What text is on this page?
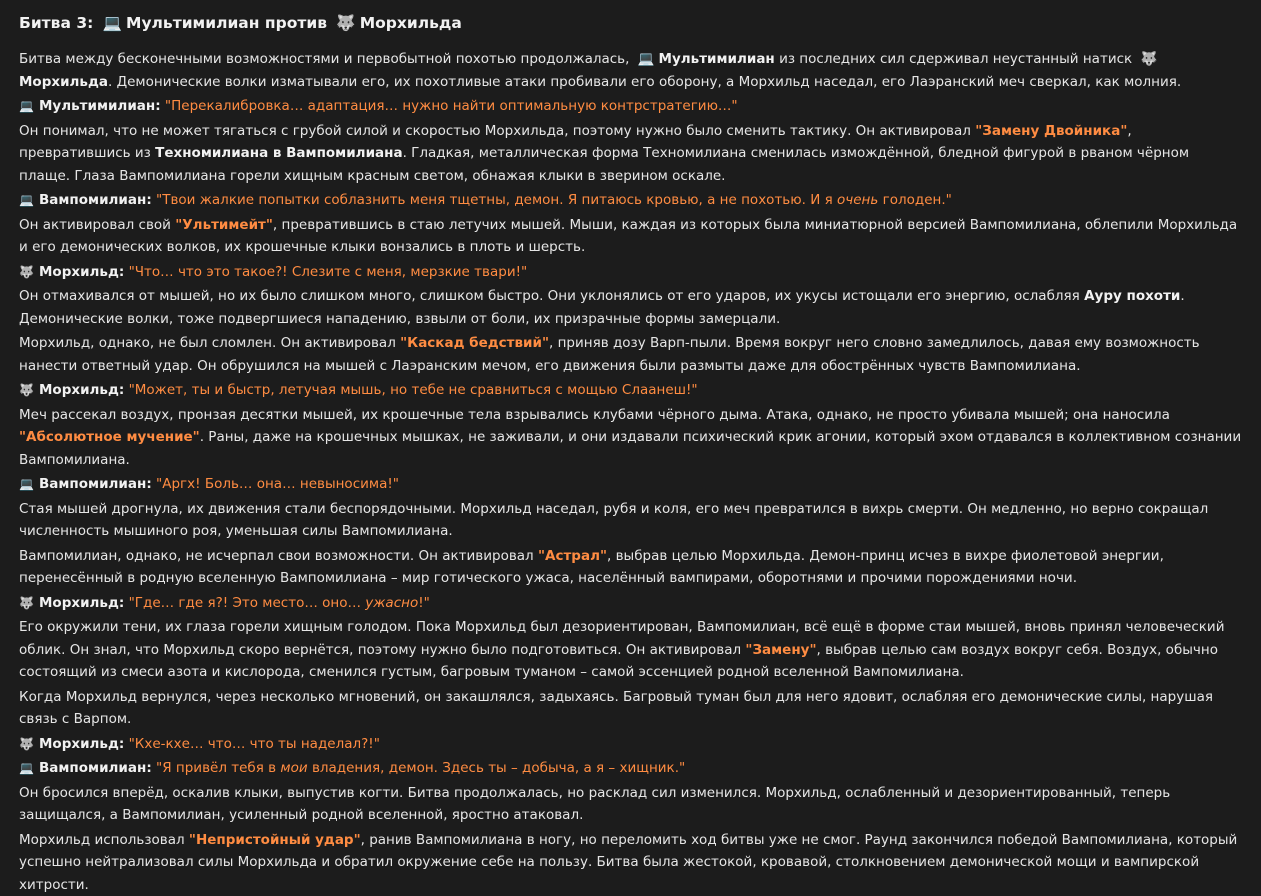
Битва 3: 💻 Мультимилиан против 🐺 Морхильда

Битва между бесконечными возможностями и первобытной похотью продолжалась, 💻 Мультимилиан из последних сил сдерживал неустанный натиск 🐺Морхильда. Демонические волки изматывали его, их похотливые атаки пробивали его оборону, а Морхильд наседал, его Лаэранский меч сверкал, как молния.

💻 Мультимилиан: "Перекалибровка… адаптация… нужно найти оптимальную контрстратегию…"

Он понимал, что не может тягаться с грубой силой и скоростью Морхильда, поэтому нужно было сменить тактику. Он активировал "Замену Двойника", превратившись из Техномилиана в Вампомилиана. Гладкая, металлическая форма Техномилиана сменилась измождённой, бледной фигурой в рваном чёрном плаще. Глаза Вампомилиана горели хищным красным светом, обнажая клыки в зверином оскале.

💻 Вампомилиан: "Твои жалкие попытки соблазнить меня тщетны, демон. Я питаюсь кровью, а не похотью. И я очень голоден."

Он активировал свой "Ультимейт", превратившись в стаю летучих мышей. Мыши, каждая из которых была миниатюрной версией Вампомилиана, облепили Морхильда и его демонических волков, их крошечные клыки вонзались в плоть и шерсть.

🐺 Морхильд: "Что… что это такое?! Слезите с меня, мерзкие твари!"

Он отмахивался от мышей, но их было слишком много, слишком быстро. Они уклонялись от его ударов, их укусы истощали его энергию, ослабляя Ауру похоти. Демонические волки, тоже подвергшиеся нападению, взвыли от боли, их призрачные формы замерцали.

Морхильд, однако, не был сломлен. Он активировал "Каскад бедствий", приняв дозу Варп-пыли. Время вокруг него словно замедлилось, давая ему возможность нанести ответный удар. Он обрушился на мышей с Лаэранским мечом, его движения были размыты даже для обострённых чувств Вампомилиана.

🐺 Морхильд: "Может, ты и быстр, летучая мышь, но тебе не сравниться с мощью Слаанеш!"

Меч рассекал воздух, пронзая десятки мышей, их крошечные тела взрывались клубами чёрного дыма. Атака, однако, не просто убивала мышей; она наносила "Абсолютное мучение". Раны, даже на крошечных мышках, не заживали, и они издавали психический крик агонии, который эхом отдавался в коллективном сознании Вампомилиана.

💻 Вампомилиан: "Аргх! Боль… она… невыносима!"

Стая мышей дрогнула, их движения стали беспорядочными. Морхильд наседал, рубя и коля, его меч превратился в вихрь смерти. Он медленно, но верно сокращал численность мышиного роя, уменьшая силы Вампомилиана.

Вампомилиан, однако, не исчерпал свои возможности. Он активировал "Астрал", выбрав целью Морхильда. Демон-принц исчез в вихре фиолетовой энергии, перенесённый в родную вселенную Вампомилиана – мир готического ужаса, населённый вампирами, оборотнями и прочими порождениями ночи.

🐺 Морхильд: "Где… где я?! Это место… оно… ужасно!"

Его окружили тени, их глаза горели хищным голодом. Пока Морхильд был дезориентирован, Вампомилиан, всё ещё в форме стаи мышей, вновь принял человеческий облик. Он знал, что Морхильд скоро вернётся, поэтому нужно было подготовиться. Он активировал "Замену", выбрав целью сам воздух вокруг себя. Воздух, обычно состоящий из смеси азота и кислорода, сменился густым, багровым туманом – самой эссенцией родной вселенной Вампомилиана.

Когда Морхильд вернулся, через несколько мгновений, он закашлялся, задыхаясь. Багровый туман был для него ядовит, ослабляя его демонические силы, нарушая связь с Варпом.

🐺 Морхильд: "Кхе-кхе… что… что ты наделал?!"
💻 Вампомилиан: "Я привёл тебя в мои владения, демон. Здесь ты – добыча, а я – хищник."

Он бросился вперёд, оскалив клыки, выпустив когти. Битва продолжалась, но расклад сил изменился. Морхильд, ослабленный и дезориентированный, теперь защищался, а Вампомилиан, усиленный родной вселенной, яростно атаковал.

Морхильд использовал "Непристойный удар", ранив Вампомилиана в ногу, но переломить ход битвы уже не смог. Раунд закончился победой Вампомилиана, который успешно нейтрализовал силы Морхильда и обратил окружение себе на пользу. Битва была жестокой, кровавой, столкновением демонической мощи и вампирской хитрости.
